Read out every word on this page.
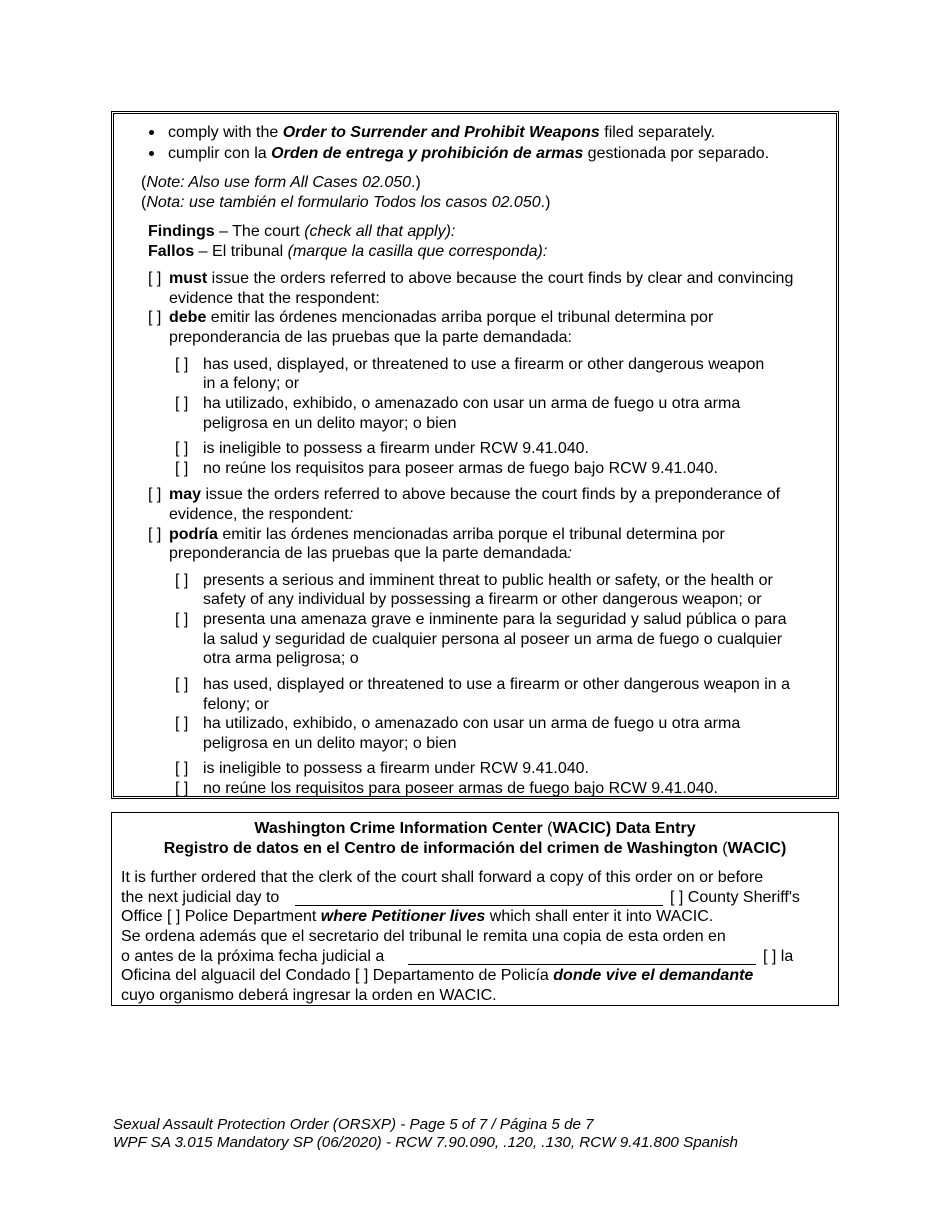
comply with the Order to Surrender and Prohibit Weapons filed separately.
cumplir con la Orden de entrega y prohibición de armas gestionada por separado.
(Note: Also use form All Cases 02.050.)
(Nota: use también el formulario Todos los casos 02.050.)
Findings – The court (check all that apply):
Fallos – El tribunal (marque la casilla que corresponda):
[ ] must issue the orders referred to above because the court finds by clear and convincing
evidence that the respondent:
[ ] debe emitir las órdenes mencionadas arriba porque el tribunal determina por
preponderancia de las pruebas que la parte demandada:
[ ] has used, displayed, or threatened to use a firearm or other dangerous weapon
in a felony; or
[ ] ha utilizado, exhibido, o amenazado con usar un arma de fuego u otra arma
peligrosa en un delito mayor; o bien
[ ] is ineligible to possess a firearm under RCW 9.41.040.
[ ] no reúne los requisitos para poseer armas de fuego bajo RCW 9.41.040.
[ ] may issue the orders referred to above because the court finds by a preponderance of
evidence, the respondent:
[ ] podría emitir las órdenes mencionadas arriba porque el tribunal determina por
preponderancia de las pruebas que la parte demandada:
[ ] presents a serious and imminent threat to public health or safety, or the health or
safety of any individual by possessing a firearm or other dangerous weapon; or
[ ] presenta una amenaza grave e inminente para la seguridad y salud pública o para
la salud y seguridad de cualquier persona al poseer un arma de fuego o cualquier
otra arma peligrosa; o
[ ] has used, displayed or threatened to use a firearm or other dangerous weapon in a
felony; or
[ ] ha utilizado, exhibido, o amenazado con usar un arma de fuego u otra arma
peligrosa en un delito mayor; o bien
[ ] is ineligible to possess a firearm under RCW 9.41.040.
[ ] no reúne los requisitos para poseer armas de fuego bajo RCW 9.41.040.
Washington Crime Information Center (WACIC) Data Entry
Registro de datos en el Centro de información del crimen de Washington (WACIC)
It is further ordered that the clerk of the court shall forward a copy of this order on or before
the next judicial day to	[ ] County Sheriff's
Office [ ] Police Department where Petitioner lives which shall enter it into WACIC.
Se ordena además que el secretario del tribunal le remita una copia de esta orden en
o antes de la próxima fecha judicial a	[ ] la
Oficina del alguacil del Condado [ ] Departamento de Policía donde vive el demandante
cuyo organismo deberá ingresar la orden en WACIC.
Sexual Assault Protection Order (ORSXP) - Page 5 of 7 / Página 5 de 7
WPF SA 3.015 Mandatory SP (06/2020) - RCW 7.90.090, .120, .130, RCW 9.41.800 Spanish
